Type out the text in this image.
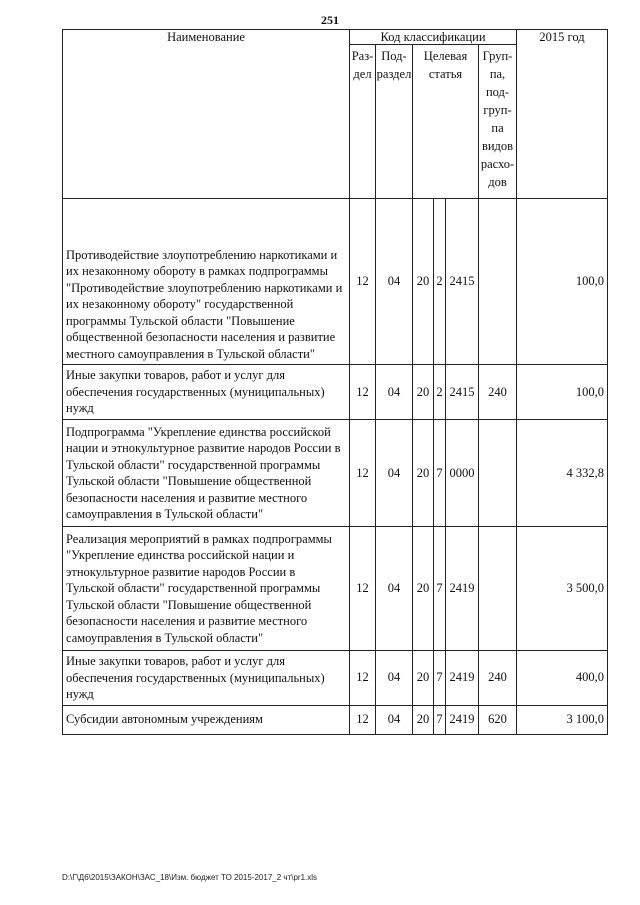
251
Наименование	Код классификации						2015 год
	Раз-дел	Под-раздел	Целевая статья			Груп-па, под-груп-па видов расхо-дов	
Противодействие злоупотреблению наркотиками и их незаконному обороту в рамках подпрограммы "Противодействие злоупотреблению наркотиками и их незаконному обороту" государственной программы Тульской области "Повышение общественной безопасности населения и развитие местного самоуправления в Тульской области"	12	04	20	2	2415		100,0
Иные закупки товаров, работ и услуг для обеспечения государственных (муниципальных) нужд	12	04	20	2	2415	240	100,0
Подпрограмма "Укрепление единства российской нации и этнокультурное развитие народов России в Тульской области" государственной программы Тульской области "Повышение общественной безопасности населения и развитие местного самоуправления в Тульской области"	12	04	20	7	0000		4 332,8
Реализация мероприятий в рамках подпрограммы "Укрепление единства российской нации и этнокультурное развитие народов России в Тульской области" государственной программы Тульской области "Повышение общественной безопасности населения и развитие местного самоуправления в Тульской области"	12	04	20	7	2419		3 500,0
Иные закупки товаров, работ и услуг для обеспечения государственных (муниципальных) нужд	12	04	20	7	2419	240	400,0
Субсидии автономным учреждениям	12	04	20	7	2419	620	3 100,0
D:\Г\Д6\2015\ЗАКОН\ЗАС_18\Изм. бюджет ТО 2015-2017_2 чт\pr1.xls
